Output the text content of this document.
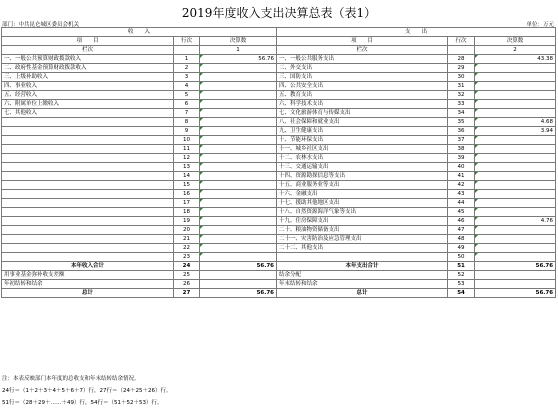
2019年度收入支出决算总表（表1）
部门：中共昆仑城区委员会机关	单位：万元
收　　入			支　　出		
项　　目	行次	决算数	项　　目	行次	决算数
栏次		1	栏次		2
一、一般公共预算财政拨款收入	1	56.76	一、一般公共服务支出	28	43.38
二、政府性基金预算财政拨款收入	2		二、外交支出	29	
三、上级补助收入	3		三、国防支出	30	
四、事业收入	4		四、公共安全支出	31	
五、经营收入	5		五、教育支出	32	
六、附属单位上缴收入	6		六、科学技术支出	33	
七、其他收入	7		七、文化旅游体育与传媒支出	34	
	8		八、社会保障和就业支出	35	4.68
	9		九、卫生健康支出	36	3.94
	10		十、节能环保支出	37	
	11		十一、城乡社区支出	38	
	12		十二、农林水支出	39	
	13		十三、交通运输支出	40	
	14		十四、资源勘探信息等支出	41	
	15		十五、商业服务业等支出	42	
	16		十六、金融支出	43	
	17		十七、援助其他地区支出	44	
	18		十八、自然资源海洋气象等支出	45	
	19		十九、住房保障支出	46	4.76
	20		二十、粮油物资储备支出	47	
	21		二十一、灾害防治及应急管理支出	48	
	22		二十二、其他支出	49	
	23			50	
本年收入合计	24	56.76	本年支出合计	51	56.76
用事业基金弥补收支差额	25		结余分配	52	
年初结转和结余	26		年末结转和结余	53	
总计	27	56.76	总计	54	56.76
注：本表反映部门本年度的总收支和年末结转结余情况。
24行＝（1＋2＋3＋4＋5＋6＋7）行，27行＝（24＋25＋26）行。
51行＝（28＋29＋……＋49）行，54行＝（51＋52＋53）行。
